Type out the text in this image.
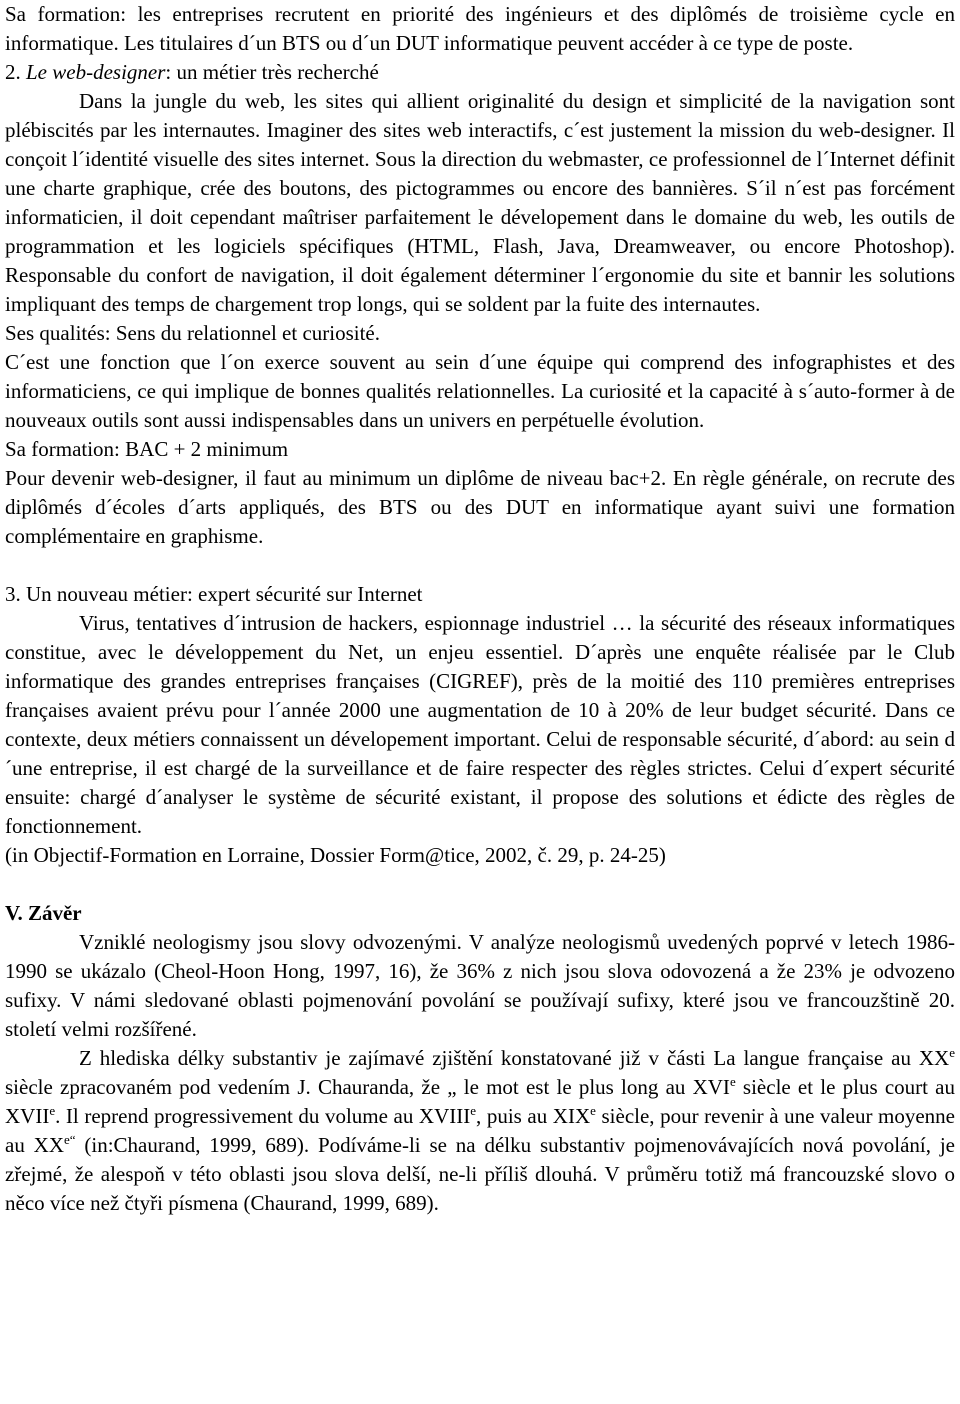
Sa formation: les entreprises recrutent en priorité des ingénieurs et des diplômés de troisième cycle en informatique. Les titulaires d´un BTS ou d´un DUT informatique peuvent accéder à ce type de poste.

2. Le web-designer: un métier très recherché

Dans la jungle du web, les sites qui allient originalité du design et simplicité de la navigation sont plébiscités par les internautes. Imaginer des sites web interactifs, c´est justement la mission du web-designer. Il conçoit l´identité visuelle des sites internet. Sous la direction du webmaster, ce professionnel de l´Internet définit une charte graphique, crée des boutons, des pictogrammes ou encore des bannières. S´il n´est pas forcément informaticien, il doit cependant maîtriser parfaitement le dévelopement dans le domaine du web, les outils de programmation et les logiciels spécifiques (HTML, Flash, Java, Dreamweaver, ou encore Photoshop). Responsable du confort de navigation, il doit également déterminer l´ergonomie du site et bannir les solutions impliquant des temps de chargement trop longs, qui se soldent par la fuite des internautes.

Ses qualités: Sens du relationnel et curiosité.

C´est une fonction que l´on exerce souvent au sein d´une équipe qui comprend des infographistes et des informaticiens, ce qui implique de bonnes qualités relationnelles. La curiosité et la capacité à s´auto-former à de nouveaux outils sont aussi indispensables dans un univers en perpétuelle évolution.

Sa formation: BAC + 2 minimum

Pour devenir web-designer, il faut au minimum un diplôme de niveau bac+2. En règle générale, on recrute des diplômés d´écoles d´arts appliqués, des BTS ou des DUT en informatique ayant suivi une formation complémentaire en graphisme.

3. Un nouveau métier: expert sécurité sur Internet

Virus, tentatives d´intrusion de hackers, espionnage industriel … la sécurité des réseaux informatiques constitue, avec le développement du Net, un enjeu essentiel. D´après une enquête réalisée par le Club informatique des grandes entreprises françaises (CIGREF), près de la moitié des 110 premières entreprises françaises avaient prévu pour l´année 2000 une augmentation de 10 à 20% de leur budget sécurité. Dans ce contexte, deux métiers connaissent un dévelopement important. Celui de responsable sécurité, d´abord: au sein d´une entreprise, il est chargé de la surveillance et de faire respecter des règles strictes. Celui d´expert sécurité ensuite: chargé d´analyser le système de sécurité existant, il propose des solutions et édicte des règles de fonctionnement.

(in Objectif-Formation en Lorraine, Dossier Form@tice, 2002, č. 29, p. 24-25)

V. Závěr

Vzniklé neologismy jsou slovy odvozenými. V analýze neologismů uvedených poprvé v letech 1986-1990 se ukázalo (Cheol-Hoon Hong, 1997, 16), že 36% z nich jsou slova odovozená a že 23% je odvozeno sufixy. V námi sledované oblasti pojmenování povolání se používají sufixy, které jsou ve francouzštině 20. století velmi rozšířené.

Z hlediska délky substantiv je zajímavé zjištění konstatované již v části La langue française au XXe siècle zpracovaném pod vedením J. Chauranda, že „ le mot est le plus long au XVIe siècle et le plus court au XVIIe. Il reprend progressivement du volume au XVIIIe, puis au XIXe siècle, pour revenir à une valeur moyenne au $XX^{e“}$ (in:Chaurand, 1999, 689). Podíváme-li se na délku substantiv pojmenovávajících nová povolání, je zřejmé, že alespoň v této oblasti jsou slova delší, ne-li příliš dlouhá. V průměru totiž má francouzské slovo o něco více než čtyři písmena (Chaurand, 1999, 689).
